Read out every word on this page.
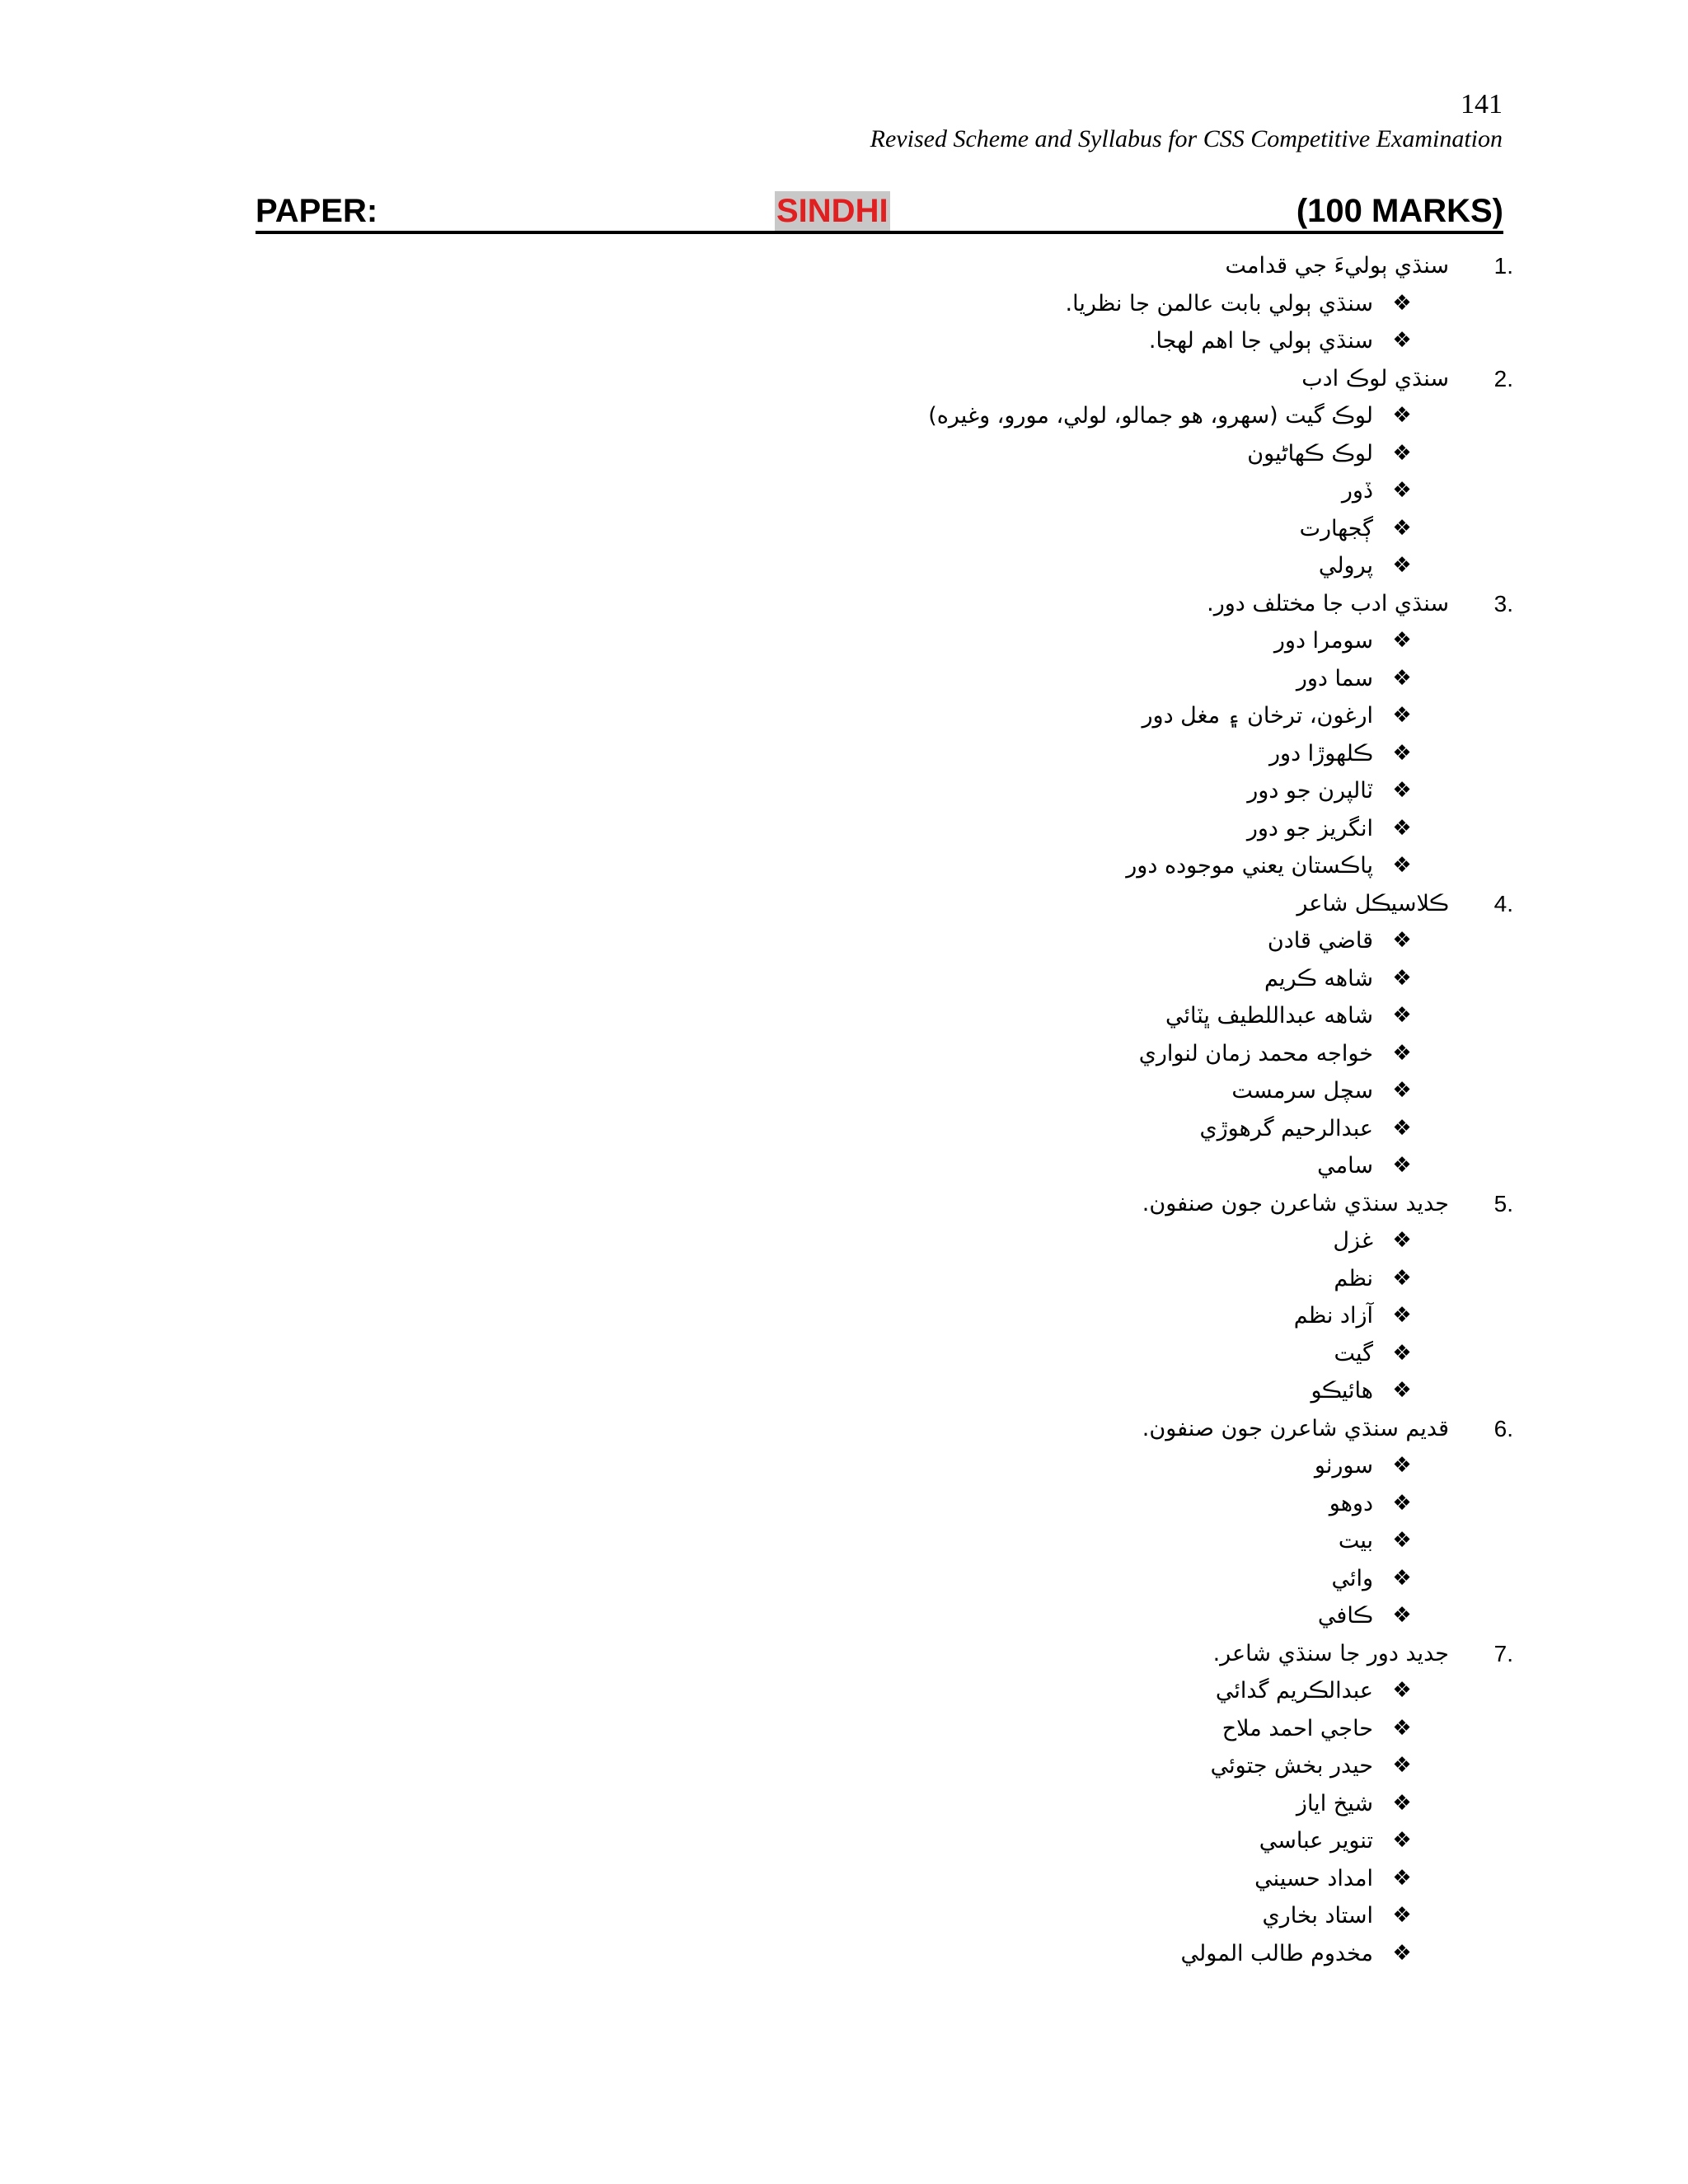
141
Revised Scheme and Syllabus for CSS Competitive Examination
PAPER:	SINDHI	(100 MARKS)
1.
سنڌي ٻوليءَ جي قدامت
❖
سنڌي ٻولي بابت عالمن جا نظريا.
❖
سنڌي ٻولي جا اهم لهجا.
2.
سنڌي لوڪ ادب
❖
لوڪ گيت (سهرو، هو جمالو، لولي، مورو، وغيره)
❖
لوڪ ڪهاڻيون
❖
ڏور
❖
ڳجهارت
❖
پرولي
3.
سنڌي ادب جا مختلف دور.
❖
سومرا دور
❖
سما دور
❖
ارغون، ترخان ۽ مغل دور
❖
ڪلهوڙا دور
❖
ٽالپرن جو دور
❖
انگريز جو دور
❖
پاڪستان يعني موجوده دور
4.
ڪلاسيڪل شاعر
❖
قاضي قادن
❖
شاهه ڪريم
❖
شاهه عبداللطيف ڀٽائي
❖
خواجه محمد زمان لنواري
❖
سچل سرمست
❖
عبدالرحيم گرهوڙي
❖
سامي
5.
جديد سنڌي شاعرن جون صنفون.
❖
غزل
❖
نظم
❖
آزاد نظم
❖
گيت
❖
هائيڪو
6.
قديم سنڌي شاعرن جون صنفون.
❖
سورٺو
❖
دوهو
❖
بيت
❖
وائي
❖
ڪافي
7.
جديد دور جا سنڌي شاعر.
❖
عبدالڪريم گدائي
❖
حاجي احمد ملاح
❖
حيدر بخش جتوئي
❖
شيخ اياز
❖
تنوير عباسي
❖
امداد حسيني
❖
استاد بخاري
❖
مخدوم طالب المولي
